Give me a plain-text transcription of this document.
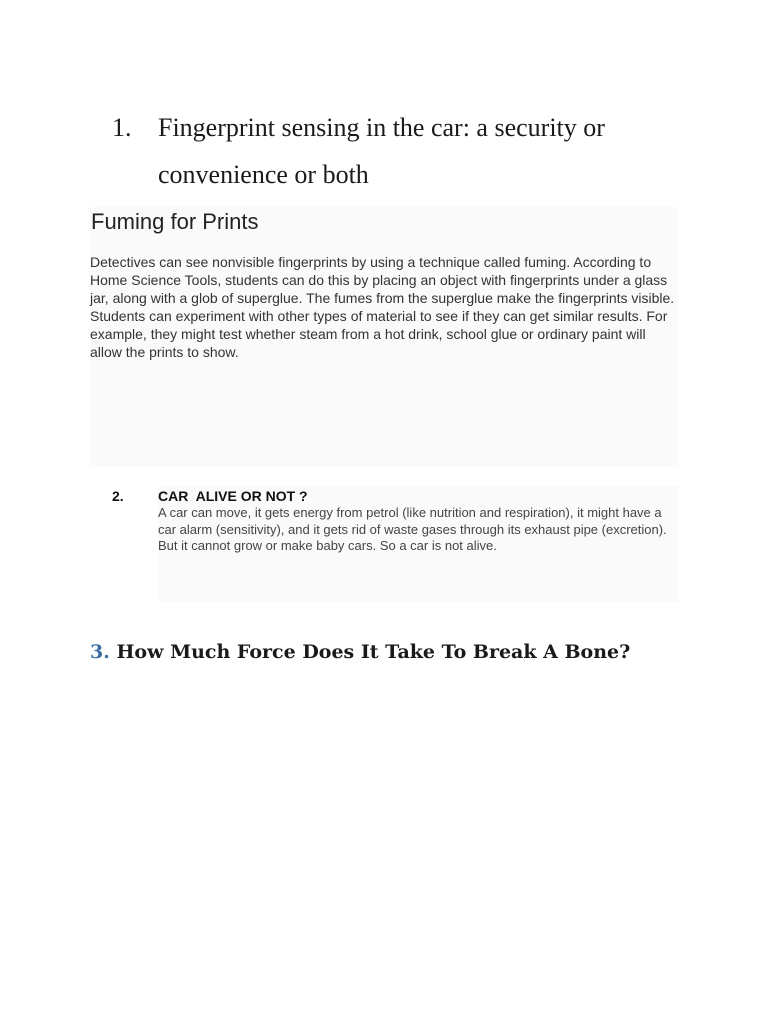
1. Fingerprint sensing in the car: a security or convenience or both
Fuming for Prints

Detectives can see nonvisible fingerprints by using a technique called fuming. According to Home Science Tools, students can do this by placing an object with fingerprints under a glass jar, along with a glob of superglue. The fumes from the superglue make the fingerprints visible. Students can experiment with other types of material to see if they can get similar results. For example, they might test whether steam from a hot drink, school glue or ordinary paint will allow the prints to show.

2. CAR  ALIVE OR NOT ?
A car can move, it gets energy from petrol (like nutrition and respiration), it might have a car alarm (sensitivity), and it gets rid of waste gases through its exhaust pipe (excretion). But it cannot grow or make baby cars. So a car is not alive.
3. How Much Force Does It Take To Break A Bone?
